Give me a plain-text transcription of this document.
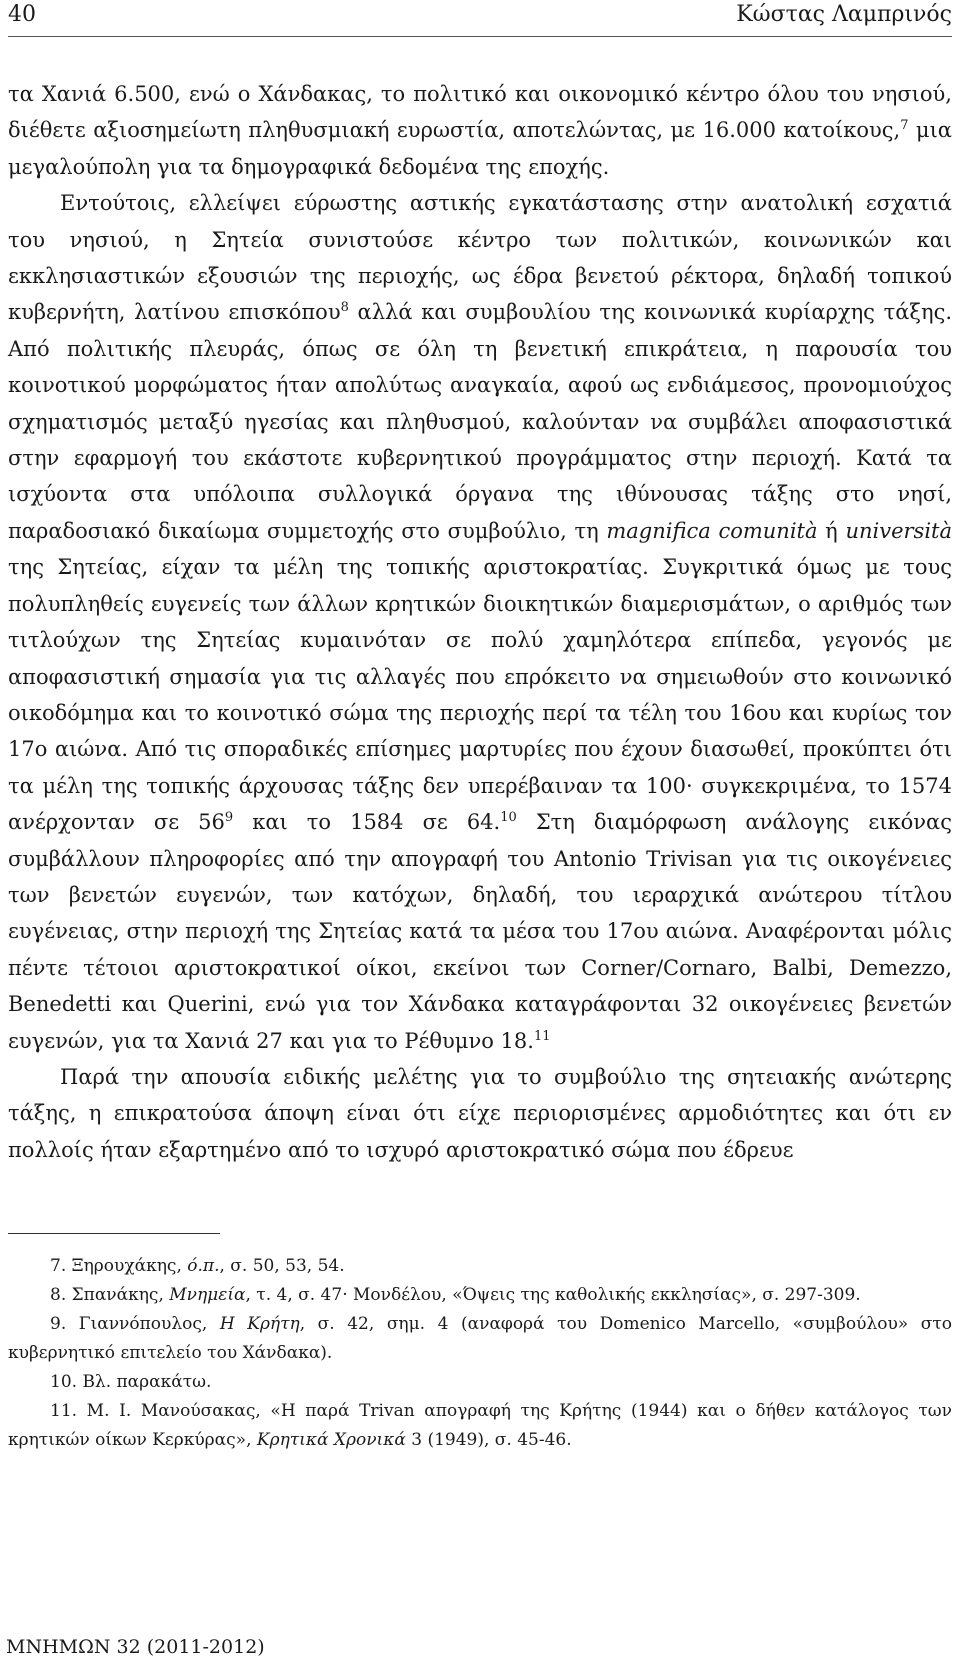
40	Κώστας Λαμπρινός

τα Χανιά 6.500, ενώ ο Χάνδακας, το πολιτικό και οικονομικό κέντρο όλου του νησιού, διέθετε αξιοσημείωτη πληθυσμιακή ευρωστία, αποτελώντας, με 16.000 κατοίκους,$^7$ μια μεγαλούπολη για τα δημογραφικά δεδομένα της εποχής.

Εντούτοις, ελλείψει εύρωστης αστικής εγκατάστασης στην ανατολική εσχατιά του νησιού, η Σητεία συνιστούσε κέντρο των πολιτικών, κοινωνικών και εκκλησιαστικών εξουσιών της περιοχής, ως έδρα βενετού ρέκτορα, δηλαδή τοπικού κυβερνήτη, λατίνου επισκόπου$^8$ αλλά και συμβουλίου της κοινωνικά κυρίαρχης τάξης. Από πολιτικής πλευράς, όπως σε όλη τη βενετική επικράτεια, η παρουσία του κοινοτικού μορφώματος ήταν απολύτως αναγκαία, αφού ως ενδιάμεσος, προνομιούχος σχηματισμός μεταξύ ηγεσίας και πληθυσμού, καλούνταν να συμβάλει αποφασιστικά στην εφαρμογή του εκάστοτε κυβερνητικού προγράμματος στην περιοχή. Κατά τα ισχύοντα στα υπόλοιπα συλλογικά όργανα της ιθύνουσας τάξης στο νησί, παραδοσιακό δικαίωμα συμμετοχής στο συμβούλιο, τη magnifica comunità ή università της Σητείας, είχαν τα μέλη της τοπικής αριστοκρατίας. Συγκριτικά όμως με τους πολυπληθείς ευγενείς των άλλων κρητικών διοικητικών διαμερισμάτων, ο αριθμός των τιτλούχων της Σητείας κυμαινόταν σε πολύ χαμηλότερα επίπεδα, γεγονός με αποφασιστική σημασία για τις αλλαγές που επρόκειτο να σημειωθούν στο κοινωνικό οικοδόμημα και το κοινοτικό σώμα της περιοχής περί τα τέλη του 16ου και κυρίως τον 17ο αιώνα. Από τις σποραδικές επίσημες μαρτυρίες που έχουν διασωθεί, προκύπτει ότι τα μέλη της τοπικής άρχουσας τάξης δεν υπερέβαιναν τα 100· συγκεκριμένα, το 1574 ανέρχονταν σε $56^9$ και το 1584 σε 64.10 Στη διαμόρφωση ανάλογης εικόνας συμβάλλουν πληροφορίες από την απογραφή του Antonio Trivisan για τις οικογένειες των βενετών ευγενών, των κατόχων, δηλαδή, του ιεραρχικά ανώτερου τίτλου ευγένειας, στην περιοχή της Σητείας κατά τα μέσα του 17ου αιώνα. Αναφέρονται μόλις πέντε τέτοιοι αριστοκρατικοί οίκοι, εκείνοι των Corner/Cornaro, Balbi, Demezzo, Benedetti και Querini, ενώ για τον Χάνδακα καταγράφονται 32 οικογένειες βενετών ευγενών, για τα Χανιά 27 και για το Ρέθυμνο 18.11

Παρά την απουσία ειδικής μελέτης για το συμβούλιο της σητειακής ανώτερης τάξης, η επικρατούσα άποψη είναι ότι είχε περιορισμένες αρμοδιότητες και ότι εν πολλοίς ήταν εξαρτημένο από το ισχυρό αριστοκρατικό σώμα που έδρευε

7. Ξηρουχάκης, ό.π., σ. 50, 53, 54.

8. Σπανάκης, Μνημεία, τ. 4, σ. 47· Μονδέλου, «Όψεις της καθολικής εκκλησίας», σ. 297-309.

9. Γιαννόπουλος, Η Κρήτη, σ. 42, σημ. 4 (αναφορά του Domenico Marcello, «συμβούλου» στο κυβερνητικό επιτελείο του Χάνδακα).

10. Βλ. παρακάτω.

11. Μ. Ι. Μανούσακας, «Η παρά Trivan απογραφή της Κρήτης (1944) και ο δήθεν κατάλογος των κρητικών οίκων Κερκύρας», Κρητικά Χρονικά 3 (1949), σ. 45-46.

ΜΝΗΜΩΝ 32 (2011-2012)
